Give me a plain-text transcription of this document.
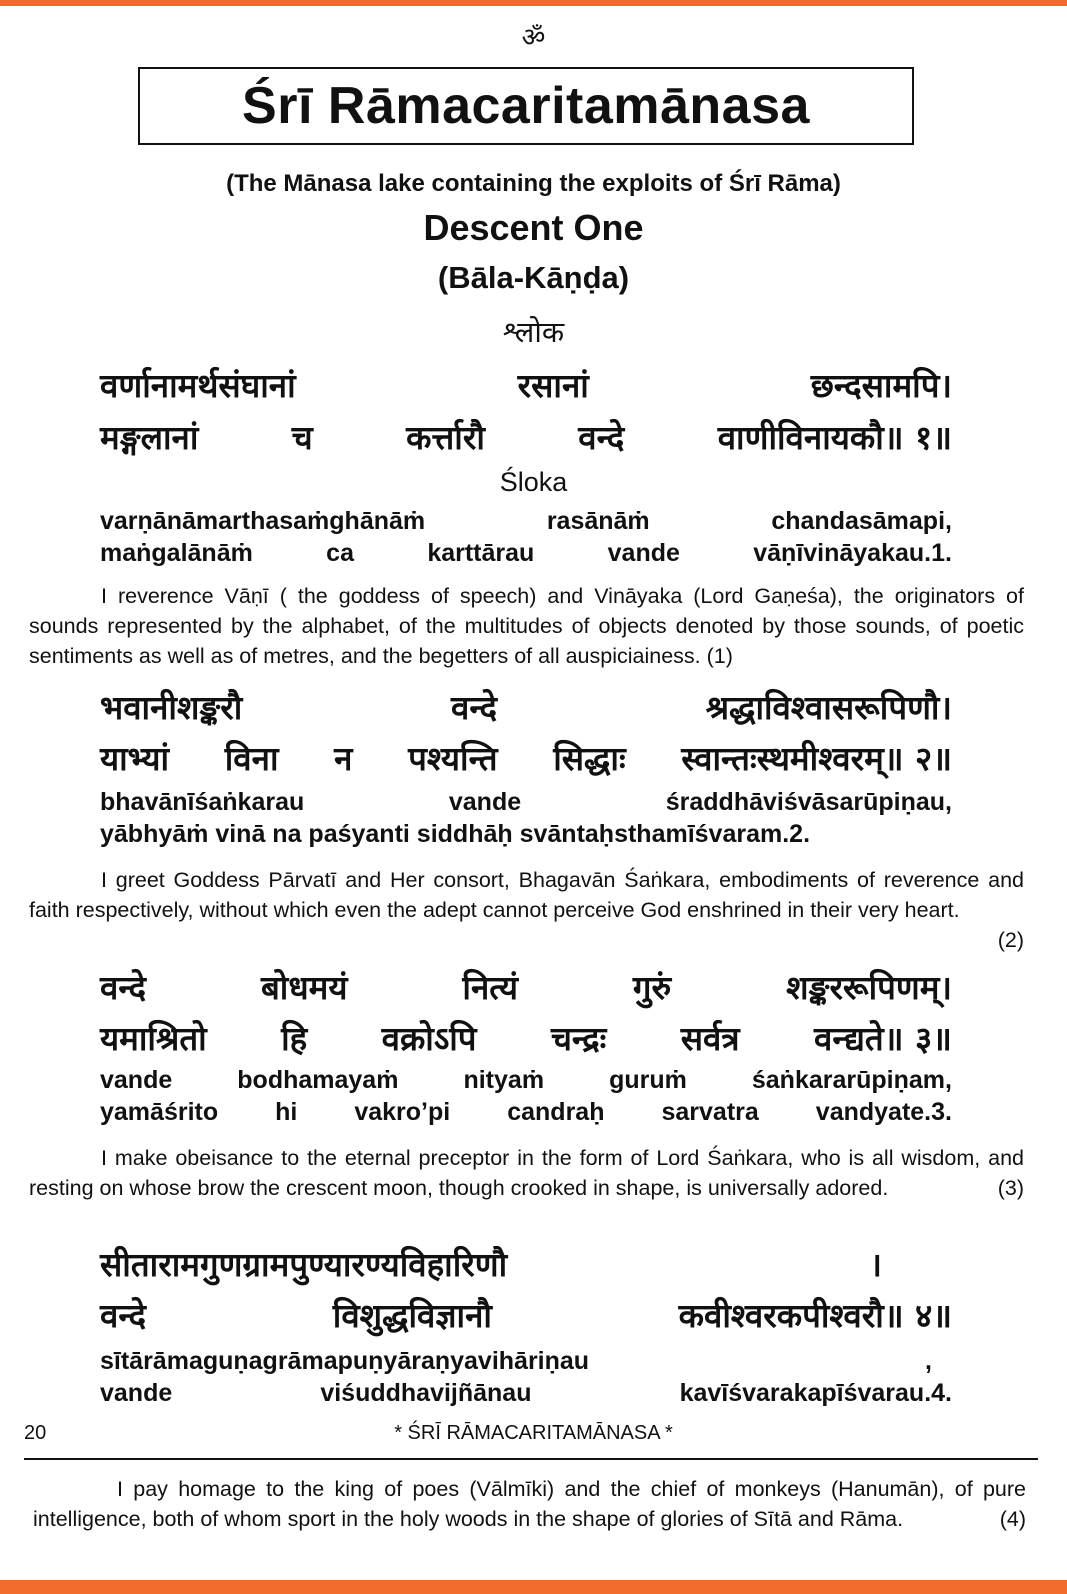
ॐ
Śrī Rāmacaritamānasa
(The Mānasa lake containing the exploits of Śrī Rāma)
Descent One
(Bāla-Kāṇḍa)
श्लोक
वर्णानामर्थसंघानां	रसानां	छन्दसामपि।
मङ्गलानां	च	कर्त्तारौ	वन्दे	वाणीविनायकौ॥ १॥
Śloka
varṇānāmarthasaṁghānāṁ	rasānāṁ	chandasāmapi,
maṅgalānāṁ	ca	karttārau	vande	vāṇīvināyakau.1.

I reverence Vāṇī ( the goddess of speech) and Vināyaka (Lord Gaṇeśa), the originators of sounds represented by the alphabet, of the multitudes of objects denoted by those sounds, of poetic sentiments as well as of metres, and the begetters of all auspiciainess. (1)

भवानीशङ्करौ	वन्दे	श्रद्धाविश्वासरूपिणौ।
याभ्यां विना न पश्यन्ति सिद्धाः स्वान्तःस्थमीश्वरम्॥ २॥
bhavānīśaṅkarau	vande	śraddhāviśvāsarūpiṇau,
yābhyāṁ vinā na paśyanti siddhāḥ svāntaḥsthamīśvaram.2.

I greet Goddess Pārvatī and Her consort, Bhagavān Śaṅkara, embodiments of reverence and faith respectively, without which even the adept cannot perceive God enshrined in their very heart.
(2)

वन्दे	बोधमयं	नित्यं	गुरुं	शङ्कररूपिणम्।
यमाश्रितो हि वक्रोऽपि चन्द्रः सर्वत्र वन्द्यते॥ ३॥
vande	bodhamayaṁ	nityaṁ	guruṁ	śaṅkararūpiṇam,
yamāśrito hi vakro’pi candraḥ sarvatra vandyate.3.

I make obeisance to the eternal preceptor in the form of Lord Śaṅkara, who is all wisdom, and resting on whose brow the crescent moon, though crooked in shape, is universally adored.	(3)

सीतारामगुणग्रामपुण्यारण्यविहारिणौ	।
वन्दे	विशुद्धविज्ञानौ	कवीश्वरकपीश्वरौ॥ ४॥
sītārāmaguṇagrāmapuṇyāraṇyavihāriṇau	,
vande	viśuddhavijñānau	kavīśvarakapīśvarau.4.
20	* ŚRĪ RĀMACARITAMĀNASA *

I pay homage to the king of poes (Vālmīki) and the chief of monkeys (Hanumān), of pure intelligence, both of whom sport in the holy woods in the shape of glories of Sītā and Rāma.	(4)
